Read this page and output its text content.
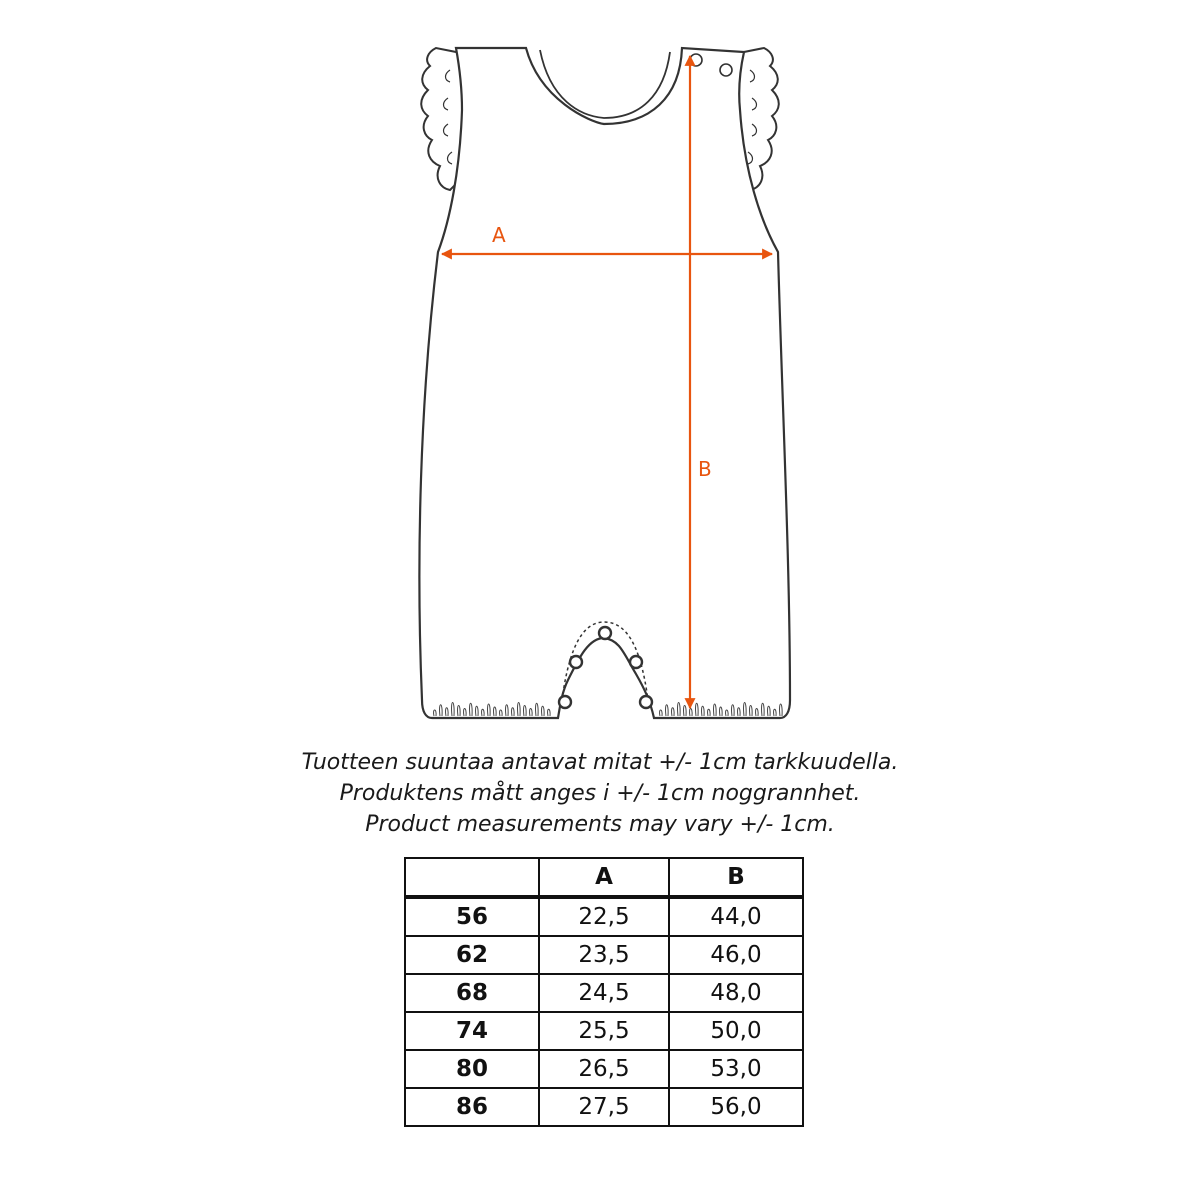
A
B
Tuotteen suuntaa antavat mitat +/- 1cm tarkkuudella.
Produktens mått anges i +/- 1cm noggrannhet.
Product measurements may vary +/- 1cm.
	A	B
56	22,5	44,0
62	23,5	46,0
68	24,5	48,0
74	25,5	50,0
80	26,5	53,0
86	27,5	56,0
